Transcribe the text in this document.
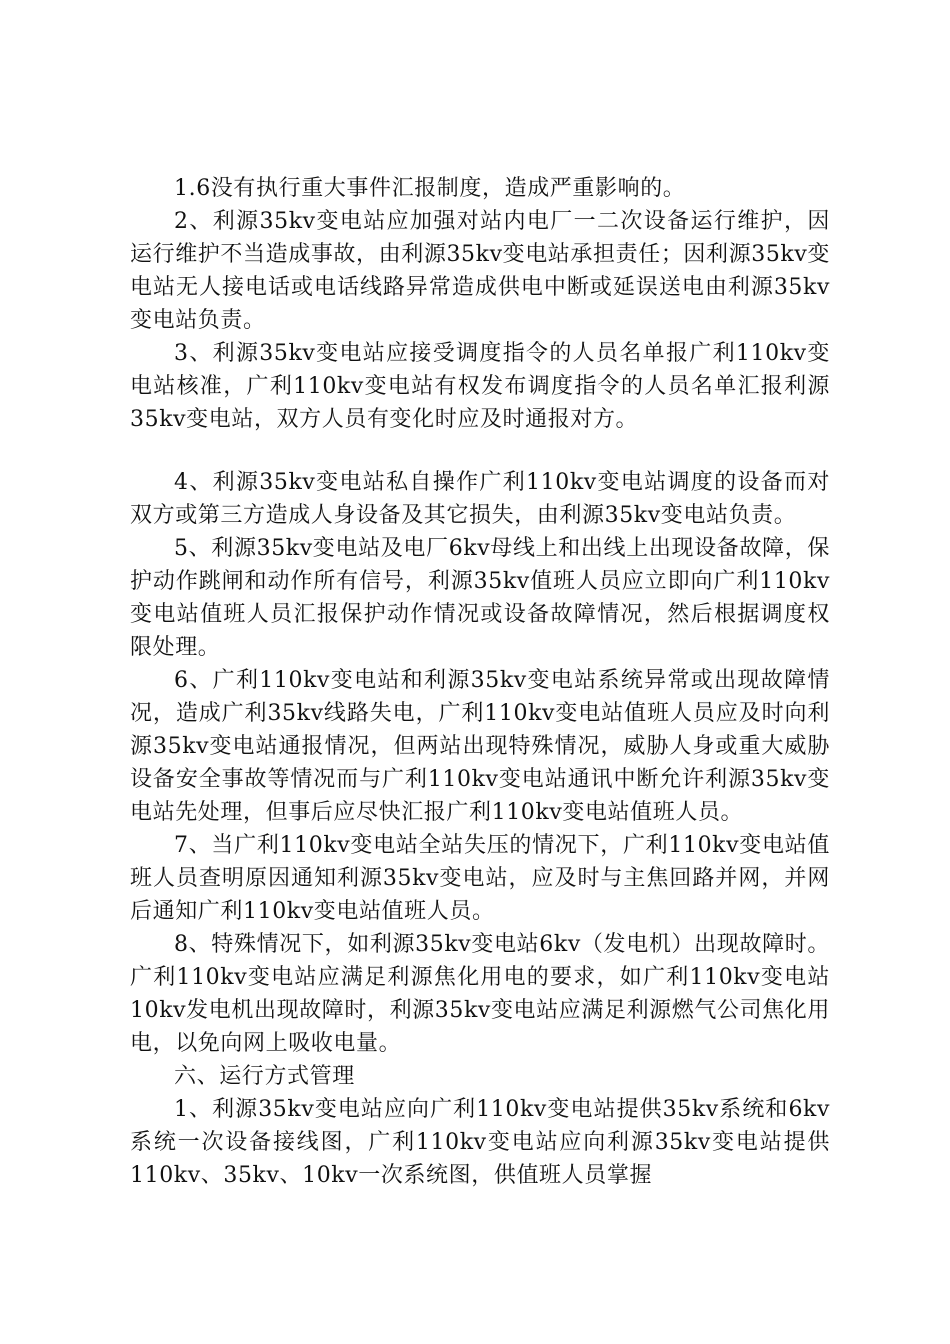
1.6没有执行重大事件汇报制度，造成严重影响的。

2、利源35kv变电站应加强对站内电厂一二次设备运行维护，因运行维护不当造成事故，由利源35kv变电站承担责任；因利源35kv变电站无人接电话或电话线路异常造成供电中断或延误送电由利源35kv变电站负责。

3、利源35kv变电站应接受调度指令的人员名单报广利110kv变电站核准，广利110kv变电站有权发布调度指令的人员名单汇报利源35kv变电站，双方人员有变化时应及时通报对方。

4、利源35kv变电站私自操作广利110kv变电站调度的设备而对双方或第三方造成人身设备及其它损失，由利源35kv变电站负责。

5、利源35kv变电站及电厂6kv母线上和出线上出现设备故障，保护动作跳闸和动作所有信号，利源35kv值班人员应立即向广利110kv变电站值班人员汇报保护动作情况或设备故障情况，然后根据调度权限处理。

6、广利110kv变电站和利源35kv变电站系统异常或出现故障情况，造成广利35kv线路失电，广利110kv变电站值班人员应及时向利源35kv变电站通报情况，但两站出现特殊情况，威胁人身或重大威胁设备安全事故等情况而与广利110kv变电站通讯中断允许利源35kv变电站先处理，但事后应尽快汇报广利110kv变电站值班人员。

7、当广利110kv变电站全站失压的情况下，广利110kv变电站值班人员查明原因通知利源35kv变电站，应及时与主焦回路并网，并网后通知广利110kv变电站值班人员。

8、特殊情况下，如利源35kv变电站6kv（发电机）出现故障时。广利110kv变电站应满足利源焦化用电的要求，如广利110kv变电站10kv发电机出现故障时，利源35kv变电站应满足利源燃气公司焦化用电，以免向网上吸收电量。

六、运行方式管理

1、利源35kv变电站应向广利110kv变电站提供35kv系统和6kv系统一次设备接线图，广利110kv变电站应向利源35kv变电站提供110kv、35kv、10kv一次系统图，供值班人员掌握
